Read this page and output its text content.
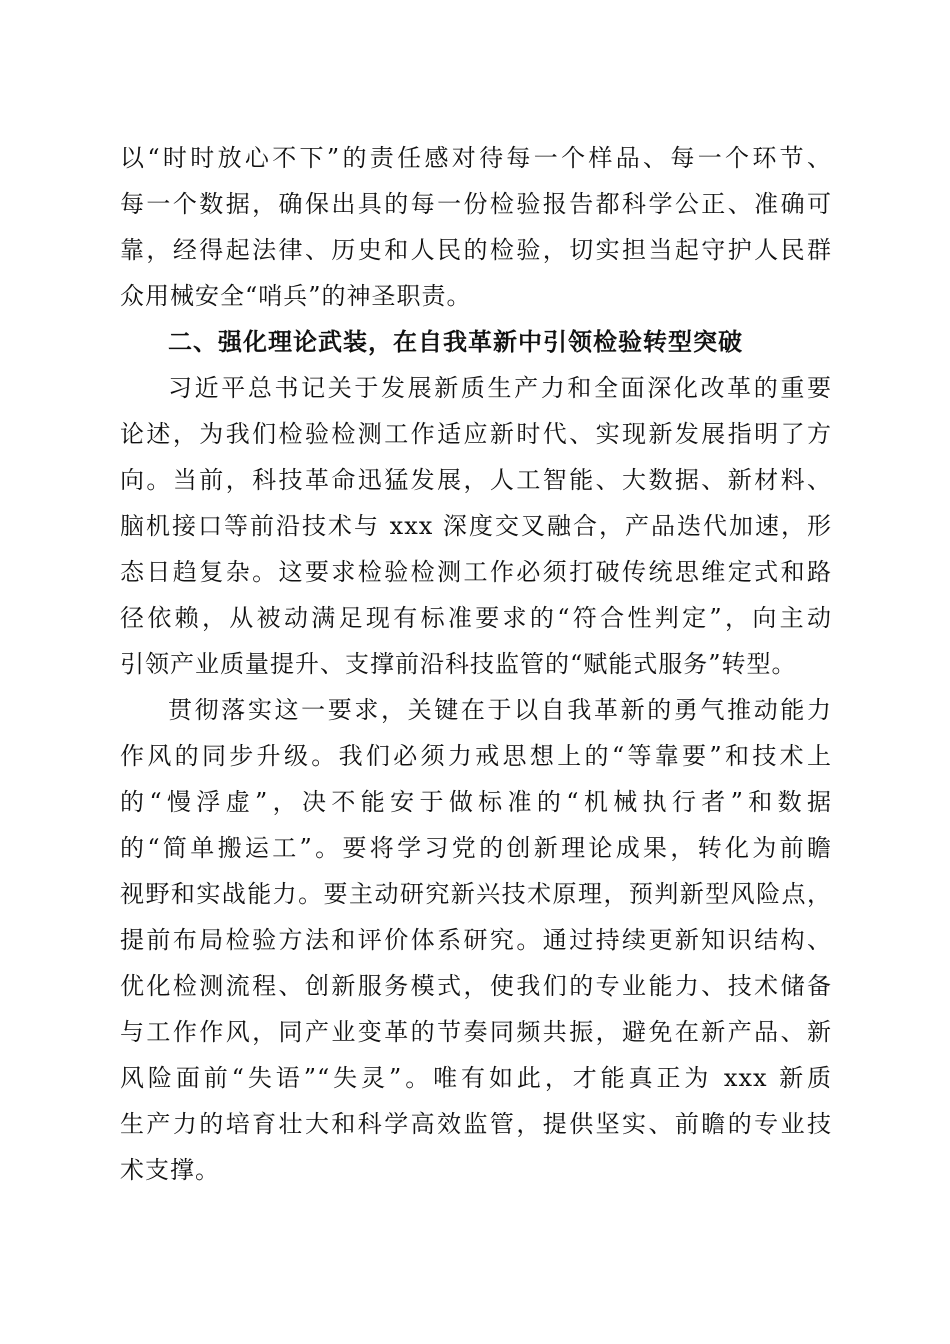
以“时时放心不下”的责任感对待每一个样品、每一个环节、
每一个数据，确保出具的每一份检验报告都科学公正、准确可
靠，经得起法律、历史和人民的检验，切实担当起守护人民群
众用械安全“哨兵”的神圣职责。
二、强化理论武装，在自我革新中引领检验转型突破
习近平总书记关于发展新质生产力和全面深化改革的重要
论述，为我们检验检测工作适应新时代、实现新发展指明了方
向。当前，科技革命迅猛发展，人工智能、大数据、新材料、
脑机接口等前沿技术与 xxx 深度交叉融合，产品迭代加速，形
态日趋复杂。这要求检验检测工作必须打破传统思维定式和路
径依赖，从被动满足现有标准要求的“符合性判定”，向主动
引领产业质量提升、支撑前沿科技监管的“赋能式服务”转型。
贯彻落实这一要求，关键在于以自我革新的勇气推动能力
作风的同步升级。我们必须力戒思想上的“等靠要”和技术上
的“慢浮虚”，决不能安于做标准的“机械执行者”和数据
的“简单搬运工”。要将学习党的创新理论成果，转化为前瞻
视野和实战能力。要主动研究新兴技术原理，预判新型风险点，
提前布局检验方法和评价体系研究。通过持续更新知识结构、
优化检测流程、创新服务模式，使我们的专业能力、技术储备
与工作作风，同产业变革的节奏同频共振，避免在新产品、新
风险面前“失语”“失灵”。唯有如此，才能真正为 xxx 新质
生产力的培育壮大和科学高效监管，提供坚实、前瞻的专业技
术支撑。
